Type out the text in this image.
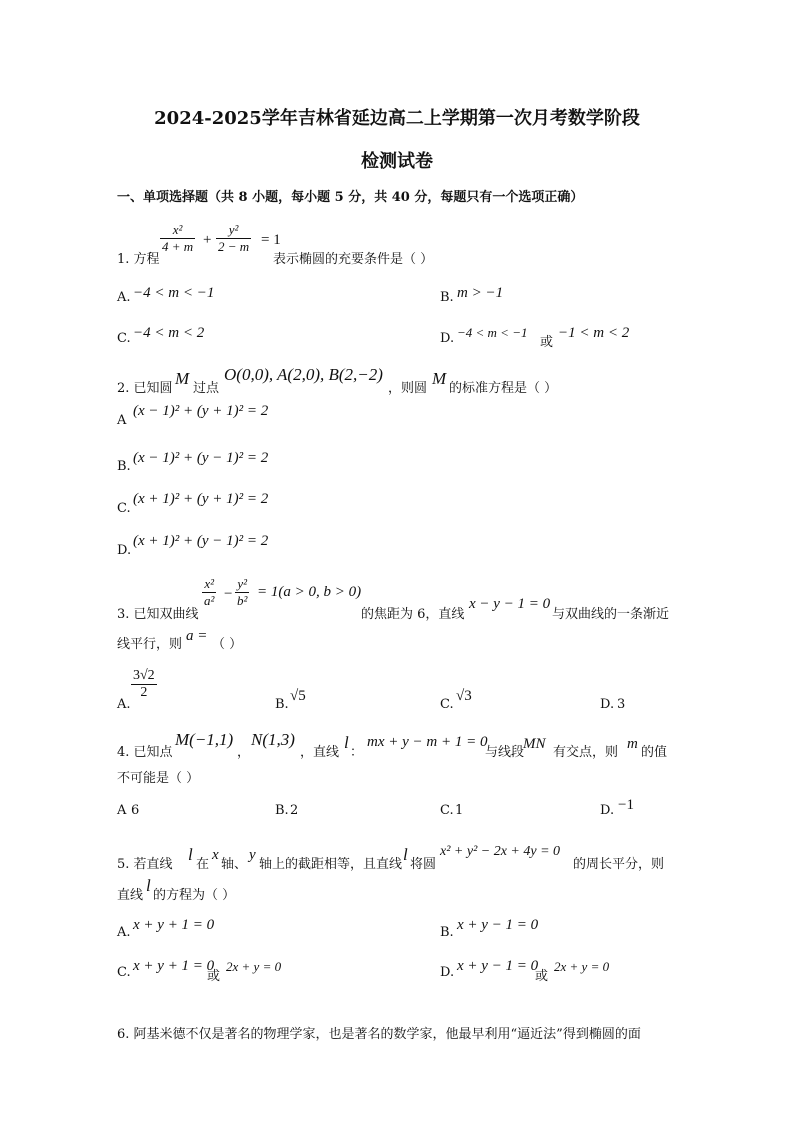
2024-2025学年吉林省延边高二上学期第一次月考数学阶段
检测试卷
一、单项选择题（共 8 小题，每小题 5 分，共 40 分，每题只有一个选项正确）
1. 方程
x²
4 + m +
y²
2 − m = 1
表示椭圆的充要条件是（ ）
A. −4 < m < −1	B. m > −1
C. −4 < m < 2	D. −4 < m < −1
或
−1 < m < 2
2. 已知圆
M
过点
O(0,0), A(2,0), B(2,−2)
，则圆
M
的标准方程是（ ）
A
(x − 1)² + (y + 1)² = 2
B.
(x − 1)² + (y − 1)² = 2
C.
(x + 1)² + (y + 1)² = 2
D.
(x + 1)² + (y − 1)² = 2
3. 已知双曲线
x²
a² −
y²
b²
= 1(a > 0, b > 0)
的焦距为 6，直线
x − y − 1 = 0
与双曲线的一条渐近
线平行，则
a =
（ ）
A.
3√2
2
B.
√5
C.
√3
D. 3
4. 已知点
M(−1,1)
，
N(1,3)
，直线
l
：
mx + y − m + 1 = 0
与线段
MN
有交点，则
m
的值
不可能是（ ）
A 6	B. 2	C. 1	D. −1
5. 若直线
l
在
x
轴、
y
轴上的截距相等，且直线
l
将圆
x² + y² − 2x + 4y = 0
的周长平分，则
直线
l
的方程为（ ）
A. x + y + 1 = 0	B. x + y − 1 = 0
C. x + y + 1 = 0
或
2x + y = 0	D. x + y − 1 = 0
或
2x + y = 0
6. 阿基米德不仅是著名的物理学家，也是著名的数学家，他最早利用“逼近法”得到椭圆的面
